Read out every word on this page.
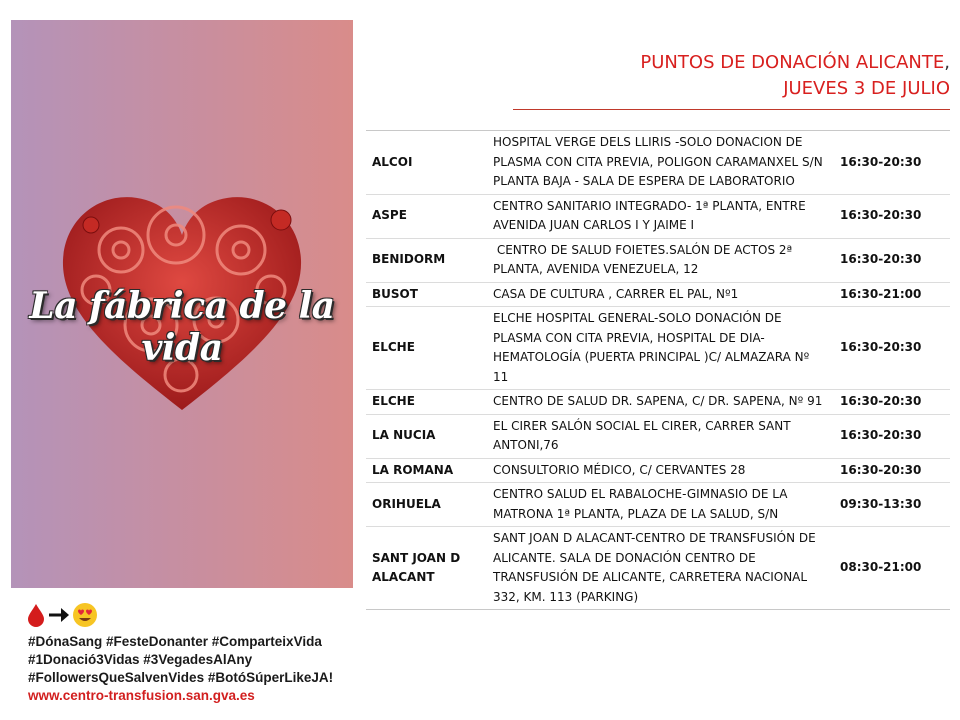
La fábrica de la vida
#DónaSang #FesteDonanter #ComparteixVida
#1Donació3Vidas #3VegadesAlAny
#FollowersQueSalvenVides #BotóSúperLikeJA!
www.centro-transfusion.san.gva.es
PUNTOS DE DONACIÓN ALICANTE,
JUEVES 3 DE JULIO
ALCOI	HOSPITAL VERGE DELS LLIRIS -SOLO DONACION DE PLASMA CON CITA PREVIA, POLIGON CARAMANXEL S/N PLANTA BAJA - SALA DE ESPERA DE LABORATORIO	16:30-20:30
ASPE	CENTRO SANITARIO INTEGRADO- 1ª PLANTA, ENTRE AVENIDA JUAN CARLOS I Y JAIME I	16:30-20:30
BENIDORM	CENTRO DE SALUD FOIETES.SALÓN DE ACTOS 2ª PLANTA, AVENIDA VENEZUELA, 12	16:30-20:30
BUSOT	CASA DE CULTURA , CARRER EL PAL, Nº1	16:30-21:00
ELCHE	ELCHE HOSPITAL GENERAL-SOLO DONACIÓN DE PLASMA CON CITA PREVIA, HOSPITAL DE DIA-HEMATOLOGÍA (PUERTA PRINCIPAL )C/ ALMAZARA Nº 11	16:30-20:30
ELCHE	CENTRO DE SALUD DR. SAPENA, C/ DR. SAPENA, Nº 91	16:30-20:30
LA NUCIA	EL CIRER SALÓN SOCIAL EL CIRER, CARRER SANT ANTONI,76	16:30-20:30
LA ROMANA	CONSULTORIO MÉDICO, C/ CERVANTES 28	16:30-20:30
ORIHUELA	CENTRO SALUD EL RABALOCHE-GIMNASIO DE LA MATRONA 1ª PLANTA, PLAZA DE LA SALUD, S/N	09:30-13:30
SANT JOAN D ALACANT	SANT JOAN D ALACANT-CENTRO DE TRANSFUSIÓN DE ALICANTE. SALA DE DONACIÓN CENTRO DE TRANSFUSIÓN DE ALICANTE, CARRETERA NACIONAL 332, KM. 113 (PARKING)	08:30-21:00
